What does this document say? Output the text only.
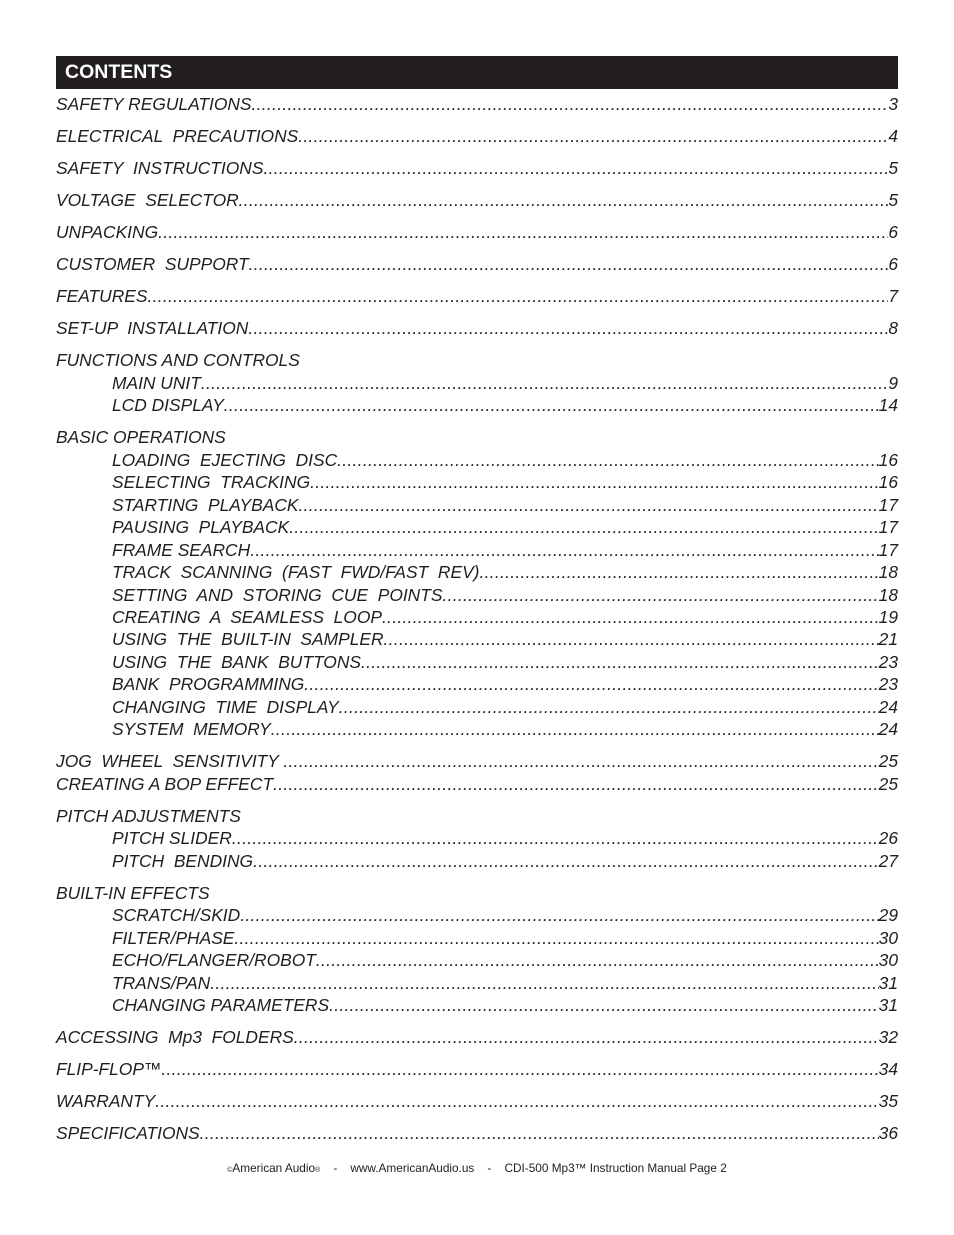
CONTENTS
SAFETY REGULATIONS .....	3
ELECTRICAL  PRECAUTIONS .....	4
SAFETY  INSTRUCTIONS .....	5
VOLTAGE  SELECTOR .....	5
UNPACKING .....	6
CUSTOMER  SUPPORT .....	6
FEATURES .....	7
SET-UP  INSTALLATION .....	8
FUNCTIONS AND CONTROLS
MAIN UNIT .....	9
LCD DISPLAY .....	14
BASIC OPERATIONS
LOADING  EJECTING  DISC .....	16
SELECTING  TRACKING .....	16
STARTING  PLAYBACK .....	17
PAUSING  PLAYBACK .....	17
FRAME SEARCH .....	17
TRACK  SCANNING  (FAST  FWD/FAST  REV) .....	18
SETTING  AND  STORING  CUE  POINTS .....	18
CREATING  A  SEAMLESS  LOOP .....	19
USING  THE  BUILT-IN  SAMPLER .....	21
USING  THE  BANK  BUTTONS .....	23
BANK  PROGRAMMING .....	23
CHANGING  TIME  DISPLAY .....	24
SYSTEM  MEMORY .....	24
JOG  WHEEL  SENSITIVITY .....	25
CREATING A BOP EFFECT .....	25
PITCH ADJUSTMENTS
PITCH SLIDER .....	26
PITCH  BENDING .....	27
BUILT-IN EFFECTS
SCRATCH/SKID .....	29
FILTER/PHASE .....	30
ECHO/FLANGER/ROBOT .....	30
TRANS/PAN .....	31
CHANGING PARAMETERS .....	31
ACCESSING  Mp3  FOLDERS .....	32
FLIP-FLOP™ .....	34
WARRANTY .....	35
SPECIFICATIONS .....	36
©American Audio® - www.AmericanAudio.us - CDI-500 Mp3™ Instruction Manual Page 2
